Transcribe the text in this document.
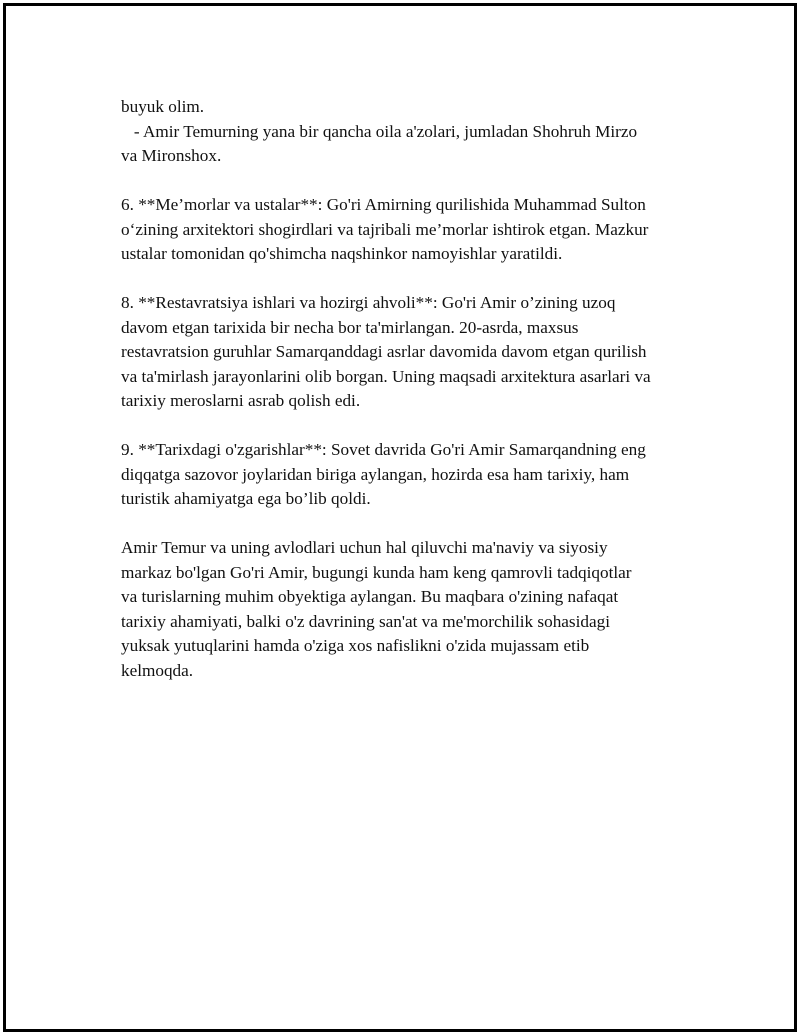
buyuk olim.
- Amir Temurning yana bir qancha oila a'zolari, jumladan Shohruh Mirzo
va Mironshox.

6. **Me’morlar va ustalar**: Go'ri Amirning qurilishida Muhammad Sulton
o‘zining arxitektori shogirdlari va tajribali me’morlar ishtirok etgan. Mazkur
ustalar tomonidan qo'shimcha naqshinkor namoyishlar yaratildi.

8. **Restavratsiya ishlari va hozirgi ahvoli**: Go'ri Amir o’zining uzoq
davom etgan tarixida bir necha bor ta'mirlangan. 20-asrda, maxsus
restavratsion guruhlar Samarqanddagi asrlar davomida davom etgan qurilish
va ta'mirlash jarayonlarini olib borgan. Uning maqsadi arxitektura asarlari va
tarixiy meroslarni asrab qolish edi.

9. **Tarixdagi o'zgarishlar**: Sovet davrida Go'ri Amir Samarqandning eng
diqqatga sazovor joylaridan biriga aylangan, hozirda esa ham tarixiy, ham
turistik ahamiyatga ega bo’lib qoldi.

Amir Temur va uning avlodlari uchun hal qiluvchi ma'naviy va siyosiy
markaz bo'lgan Go'ri Amir, bugungi kunda ham keng qamrovli tadqiqotlar
va turislarning muhim obyektiga aylangan. Bu maqbara o'zining nafaqat
tarixiy ahamiyati, balki o'z davrining san'at va me'morchilik sohasidagi
yuksak yutuqlarini hamda o'ziga xos nafislikni o'zida mujassam etib
kelmoqda.
